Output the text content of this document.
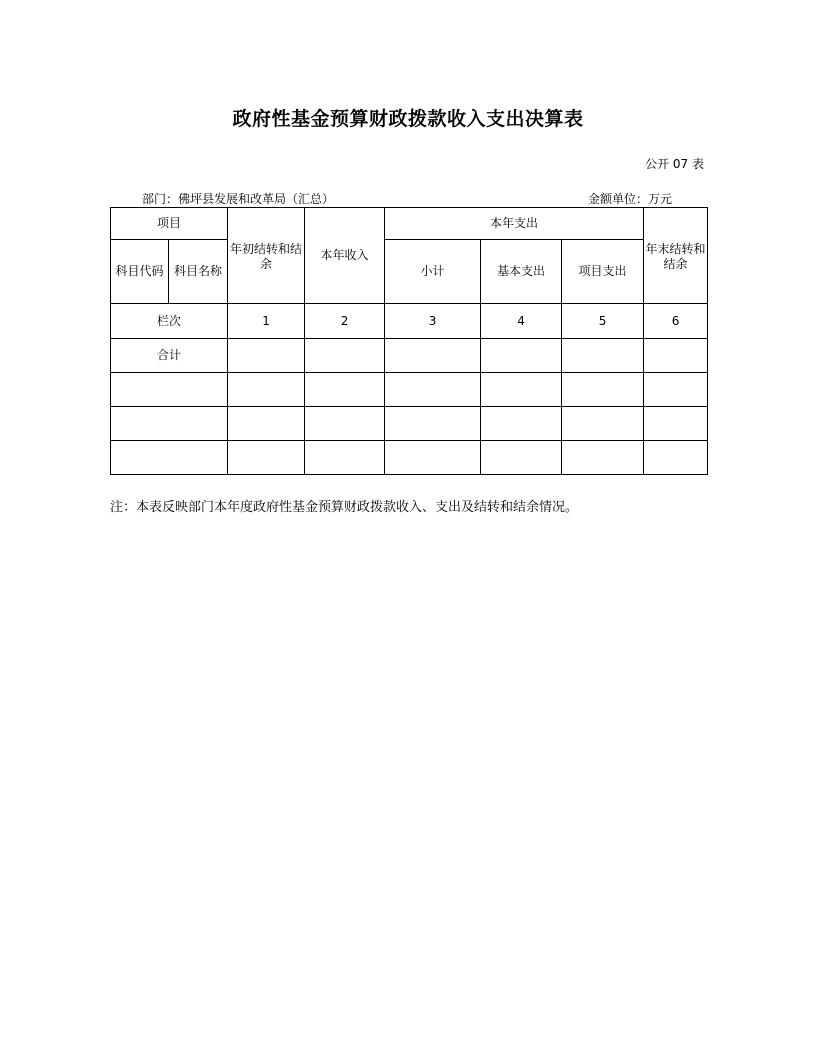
政府性基金预算财政拨款收入支出决算表
公开 07 表
部门：佛坪县发展和改革局（汇总）	金额单位：万元
项目		年初结转和结余	本年收入	本年支出			年末结转和结余
科目代码	科目名称			小计	基本支出	项目支出	
栏次		1	2	3	4	5	6
合计							

注：本表反映部门本年度政府性基金预算财政拨款收入、支出及结转和结余情况。
